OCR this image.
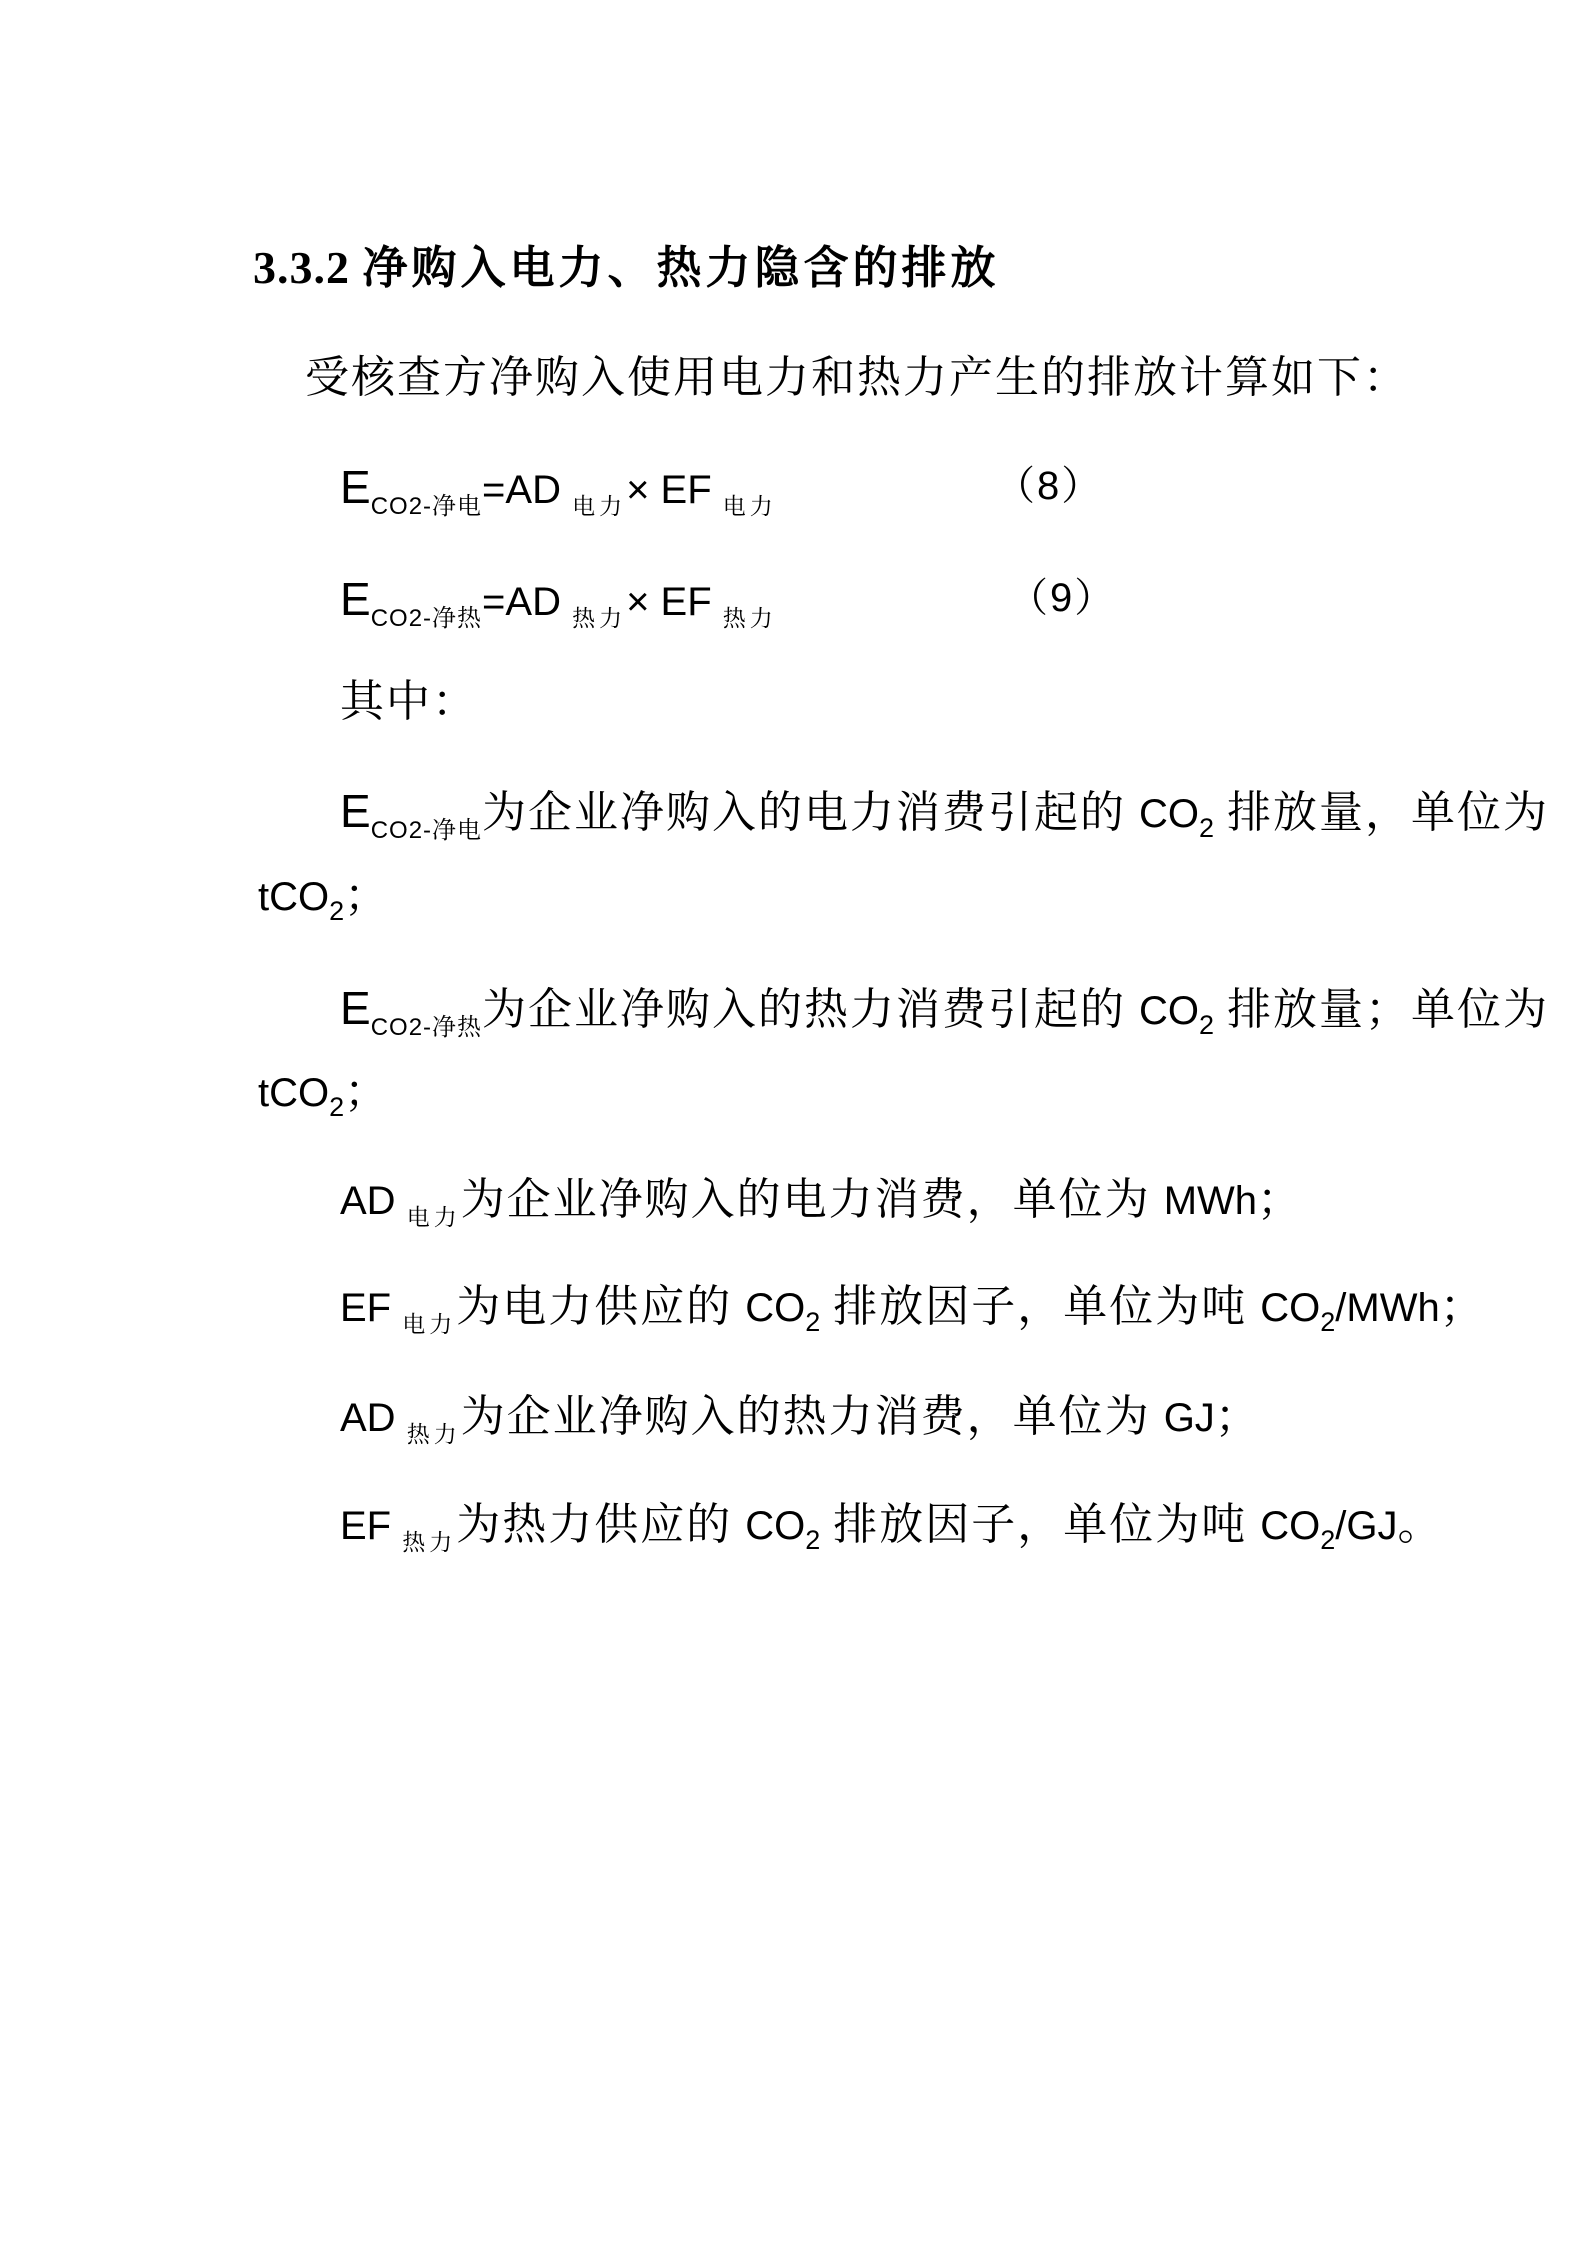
3.3.2 净购入电力、热力隐含的排放
受核查方净购入使用电力和热力产生的排放计算如下：
$E_{CO2-净电}=AD$ $_{电力}$× EF $_{电力}$	（8）
$E_{CO2-净热}=AD$ $_{热力}$× EF $_{热力}$	（9）
其中：
$E_{CO2-净电}$为企业净购入的电力消费引起的 $CO_2$ 排放量，单位为
tCO$_2$；
$E_{CO2-净热}$为企业净购入的热力消费引起的 $CO_2$ 排放量；单位为
tCO$_2$；
AD $_{电力}$为企业净购入的电力消费，单位为 MWh；
EF $_{电力}$为电力供应的 $CO_2$ 排放因子，单位为吨 $CO_2$/MWh；
AD $_{热力}$为企业净购入的热力消费，单位为 GJ；
EF $_{热力}$为热力供应的 $CO_2$ 排放因子，单位为吨 $CO_2/GJ$。
